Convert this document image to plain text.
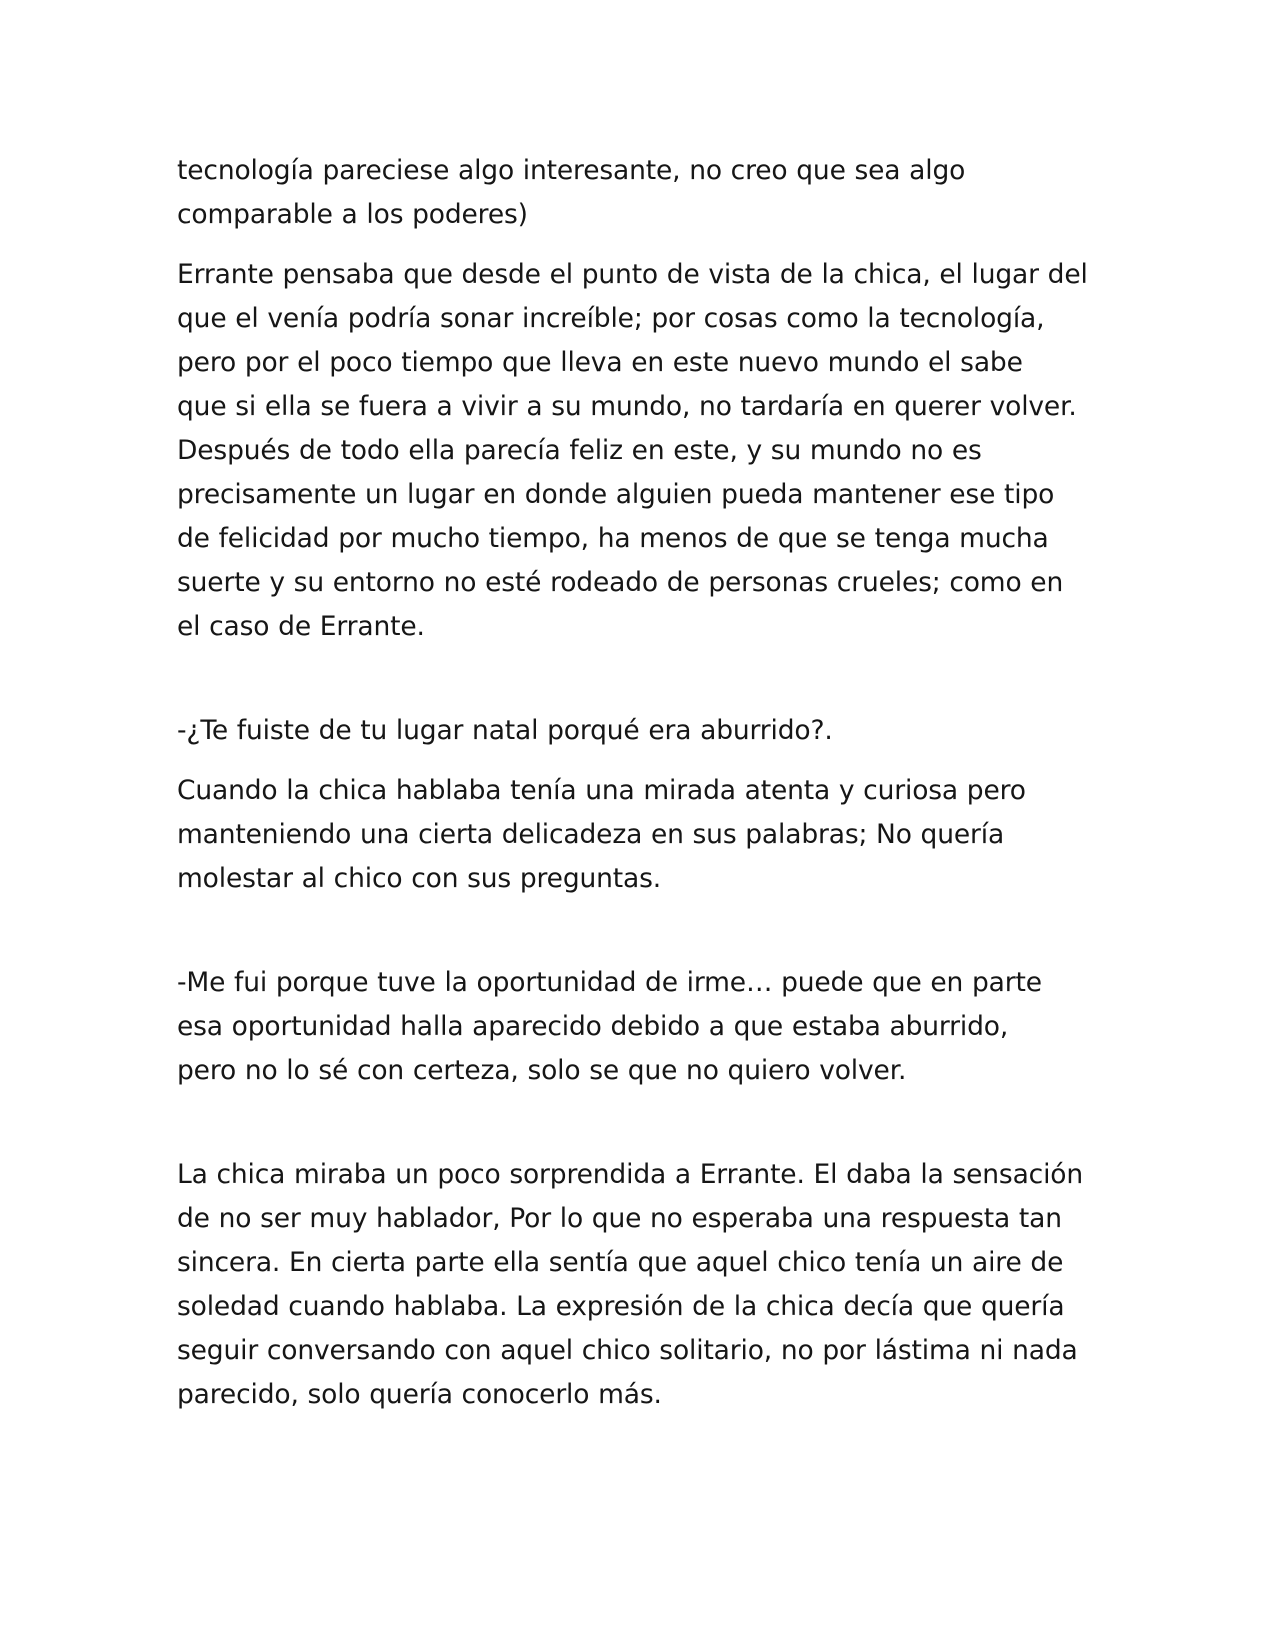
tecnología pareciese algo interesante, no creo que sea algo
comparable a los poderes)
Errante pensaba que desde el punto de vista de la chica, el lugar del
que el venía podría sonar increíble; por cosas como la tecnología,
pero por el poco tiempo que lleva en este nuevo mundo el sabe
que si ella se fuera a vivir a su mundo, no tardaría en querer volver.
Después de todo ella parecía feliz en este, y su mundo no es
precisamente un lugar en donde alguien pueda mantener ese tipo
de felicidad por mucho tiempo, ha menos de que se tenga mucha
suerte y su entorno no esté rodeado de personas crueles; como en
el caso de Errante.
-¿Te fuiste de tu lugar natal porqué era aburrido?.
Cuando la chica hablaba tenía una mirada atenta y curiosa pero
manteniendo una cierta delicadeza en sus palabras; No quería
molestar al chico con sus preguntas.
-Me fui porque tuve la oportunidad de irme… puede que en parte
esa oportunidad halla aparecido debido a que estaba aburrido,
pero no lo sé con certeza, solo se que no quiero volver.
La chica miraba un poco sorprendida a Errante. El daba la sensación
de no ser muy hablador, Por lo que no esperaba una respuesta tan
sincera. En cierta parte ella sentía que aquel chico tenía un aire de
soledad cuando hablaba. La expresión de la chica decía que quería
seguir conversando con aquel chico solitario, no por lástima ni nada
parecido, solo quería conocerlo más.
